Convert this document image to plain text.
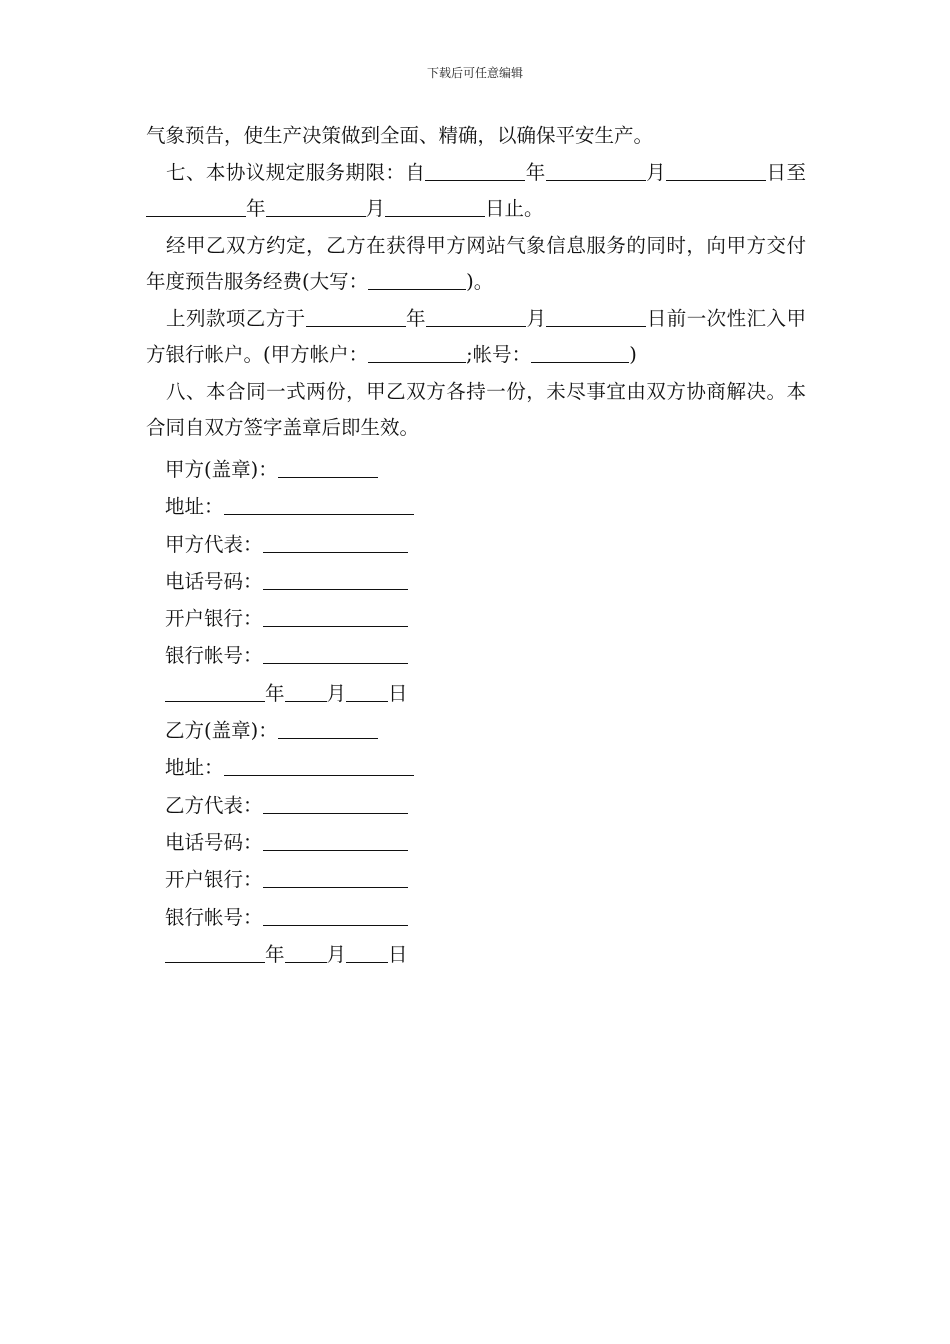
下载后可任意编辑

气象预告，使生产决策做到全面、精确，以确保平安生产。

七、本协议规定服务期限：自	年	月	日至年	月	日止。

经甲乙双方约定，乙方在获得甲方网站气象信息服务的同时，向甲方交付年度预告服务经费(大写：	)。

上列款项乙方于	年	月	日前一次性汇入甲方银行帐户。(甲方帐户：	;帐号：	)

八、本合同一式两份，甲乙双方各持一份，未尽事宜由双方协商解决。本合同自双方签字盖章后即生效。

甲方(盖章)：

地址：

甲方代表：

电话号码：

开户银行：

银行帐号：

年 月 日

乙方(盖章)：

地址：

乙方代表：

电话号码：

开户银行：

银行帐号：

年 月 日
